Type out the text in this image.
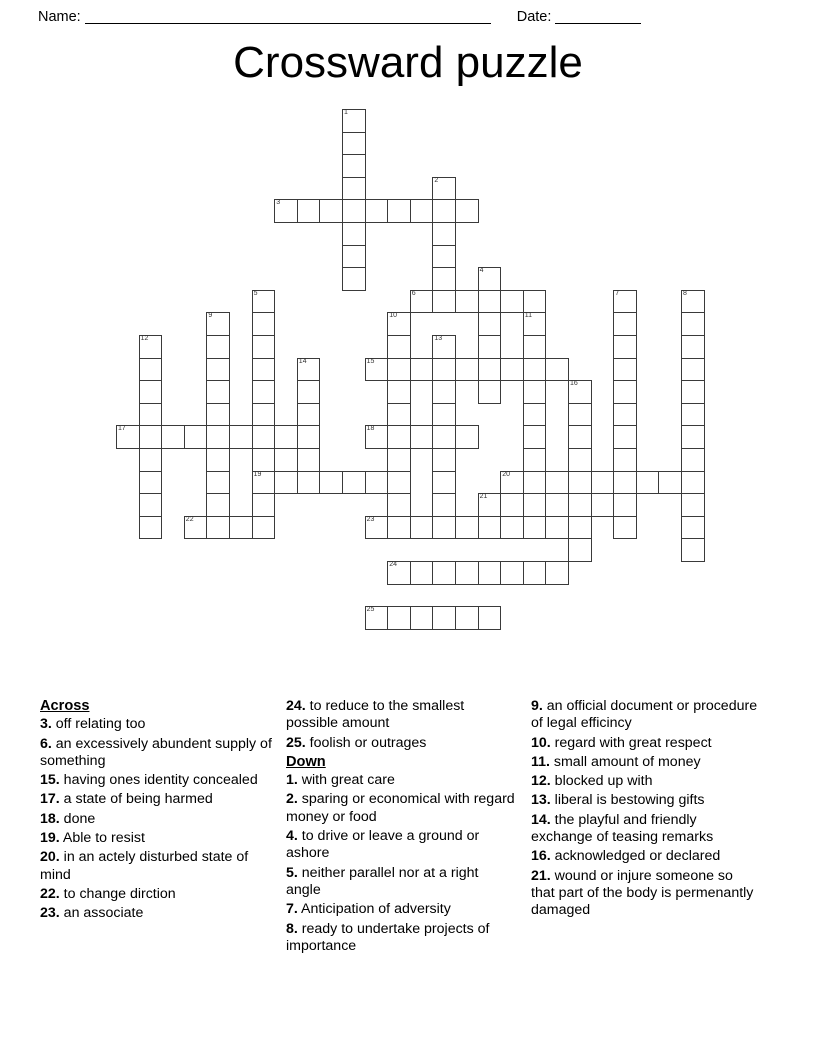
Name:	Date:
Crossward puzzle
1
2
3
4
5
19
6	7	8
9	10	11
12	13
14	15
16
17	18
20
21
22	23
24
25
Across
3. off relating too
6. an excessively abundent supply of something
15. having ones identity concealed
17. a state of being harmed
18. done
19. Able to resist
20. in an actely disturbed state of mind
22. to change dirction
23. an associate
24. to reduce to the smallest possible amount
25. foolish or outrages
Down
1. with great care
2. sparing or economical with regard money or food
4. to drive or leave a ground or ashore
5. neither parallel nor at a right angle
7. Anticipation of adversity
8. ready to undertake projects of importance
9. an official document or procedure of legal efficincy
10. regard with great respect
11. small amount of money
12. blocked up with
13. liberal is bestowing gifts
14. the playful and friendly exchange of teasing remarks
16. acknowledged or declared
21. wound or injure someone so that part of the body is permenantly damaged
